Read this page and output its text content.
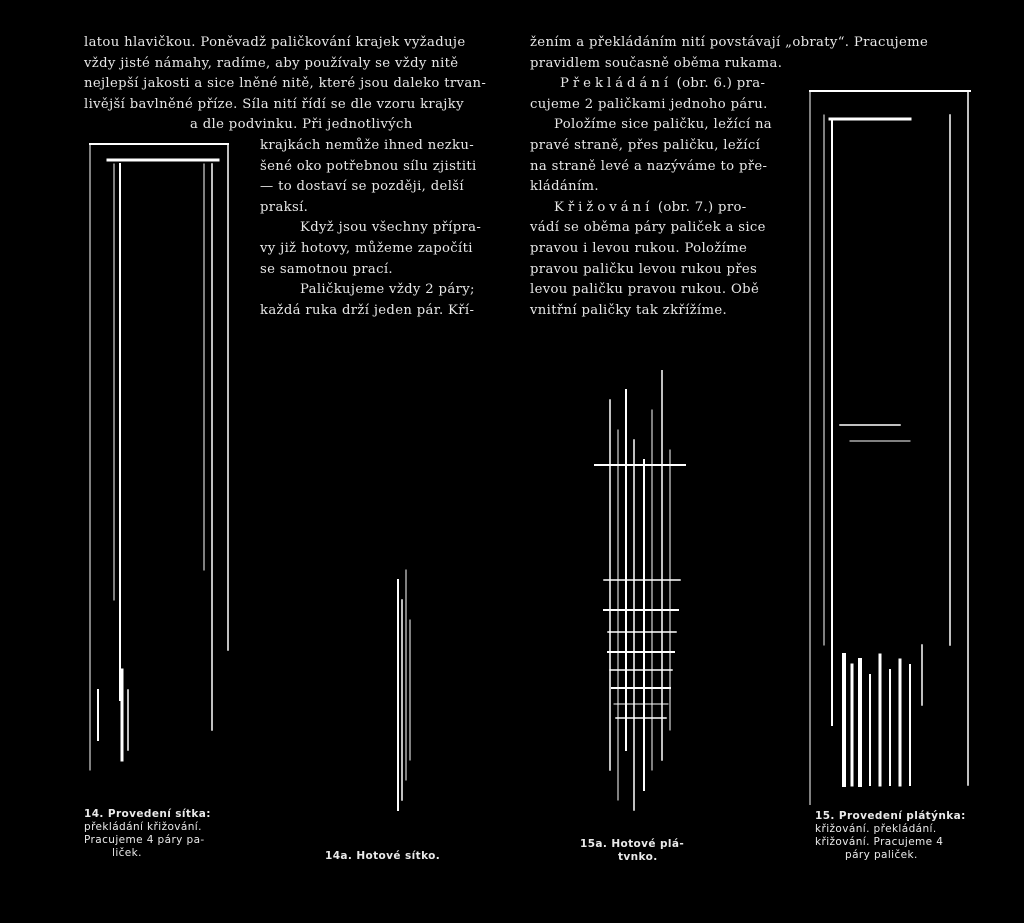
latou hlavičkou. Poněvadž paličkování krajek vyžaduje

vždy jisté námahy, radíme, aby používaly se vždy nitě

nejlepší jakosti a sice lněné nitě, které jsou daleko trvan-

livější bavlněné příze. Síla nití řídí se dle vzoru krajky

a dle podvinku. Při jednotlivých

krajkách nemůže ihned nezku-

šené oko potřebnou sílu zjistiti

— to dostaví se později, delší

praksí.

Když jsou všechny přípra-

vy již hotovy, můžeme započíti

se samotnou prací.

Paličkujeme vždy 2 páry;

každá ruka drží jeden pár. Kří-

žením a překládáním nití povstávají „obraty“. Pracujeme

pravidlem současně oběma rukama.

Překládání (obr. 6.) pra-

cujeme 2 paličkami jednoho páru.

Položíme sice paličku, ležící na

pravé straně, přes paličku, ležící

na straně levé a nazýváme to pře-

kládáním.

Křižování (obr. 7.) pro-

vádí se oběma páry paliček a sice

pravou i levou rukou. Položíme

pravou paličku levou rukou přes

levou paličku pravou rukou. Obě

vnitřní paličky tak zkřížíme.

14. Provedení sítka:
překládání křižování.
Pracujeme 4 páry pa-
liček.	14a. Hotové sítko.
15a. Hotové plá-
tvnko.
15. Provedení plátýnka:
křižování. překládání.
křižování. Pracujeme 4
páry paliček.
